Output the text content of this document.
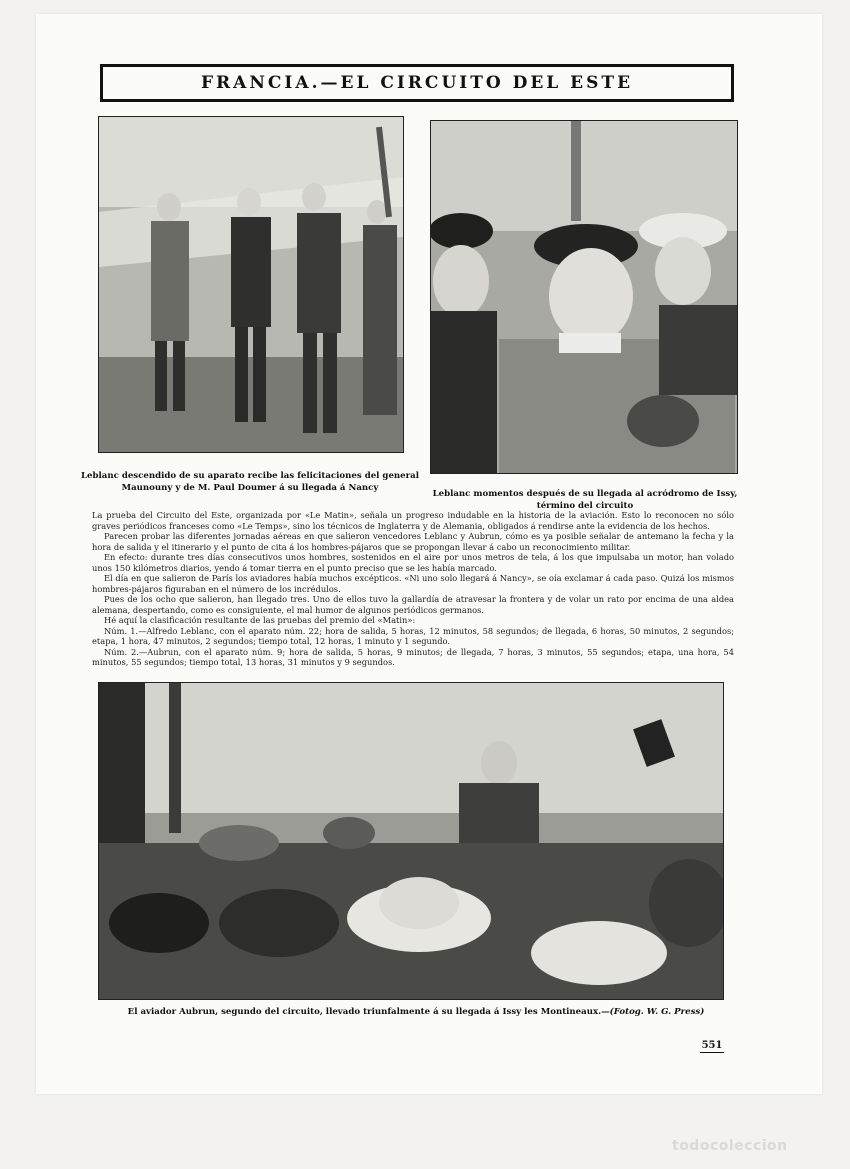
FRANCIA.—EL CIRCUITO DEL ESTE
Leblanc descendido de su aparato recibe las felicitaciones del general Maunouny y de M. Paul Doumer á su llegada á Nancy
Leblanc momentos después de su llegada al acródromo de Issy, término del circuito

La prueba del Circuito del Este, organizada por «Le Matin», señala un progreso indudable en la historia de la aviación. Esto lo reconocen no sólo graves periódicos franceses como «Le Temps», sino los técnicos de Inglaterra y de Alemania, obligados á rendirse ante la evidencia de los hechos.

Parecen probar las diferentes jornadas aéreas en que salieron vencedores Leblanc y Aubrun, cómo es ya posible señalar de antemano la fecha y la hora de salida y el itinerario y el punto de cita á los hombres-pájaros que se propongan llevar á cabo un reconocimiento militar.

En efecto: durante tres días consecutivos unos hombres, sostenidos en el aire por unos metros de tela, á los que impulsaba un motor, han volado unos 150 kilómetros diarios, yendo á tomar tierra en el punto preciso que se les había marcado.

El día en que salieron de París los aviadores había muchos excépticos. «Ni uno solo llegará á Nancy», se oía exclamar á cada paso. Quizá los mismos hombres-pájaros figuraban en el número de los incrédulos.

Pues de los ocho que salieron, han llegado tres. Uno de ellos tuvo la gallardía de atravesar la frontera y de volar un rato por encima de una aldea alemana, despertando, como es consiguiente, el mal humor de algunos periódicos germanos.

Hé aquí la clasificación resultante de las pruebas del premio del «Matin»:

Núm. 1.—Alfredo Leblanc, con el aparato núm. 22; hora de salida, 5 horas, 12 minutos, 58 segundos; de llegada, 6 horas, 50 minutos, 2 segundos; etapa, 1 hora, 47 minutos, 2 segundos; tiempo total, 12 horas, 1 minuto y 1 segundo.

Núm. 2.—Aubrun, con el aparato núm. 9; hora de salida, 5 horas, 9 minutos; de llegada, 7 horas, 3 minutos, 55 segundos; etapa, una hora, 54 minutos, 55 segundos; tiempo total, 13 horas, 31 minutos y 9 segundos.

El aviador Aubrun, segundo del circuito, llevado triunfalmente á su llegada á Issy les Montineaux.—(Fotog. W. G. Press)
551
todocoleccion
